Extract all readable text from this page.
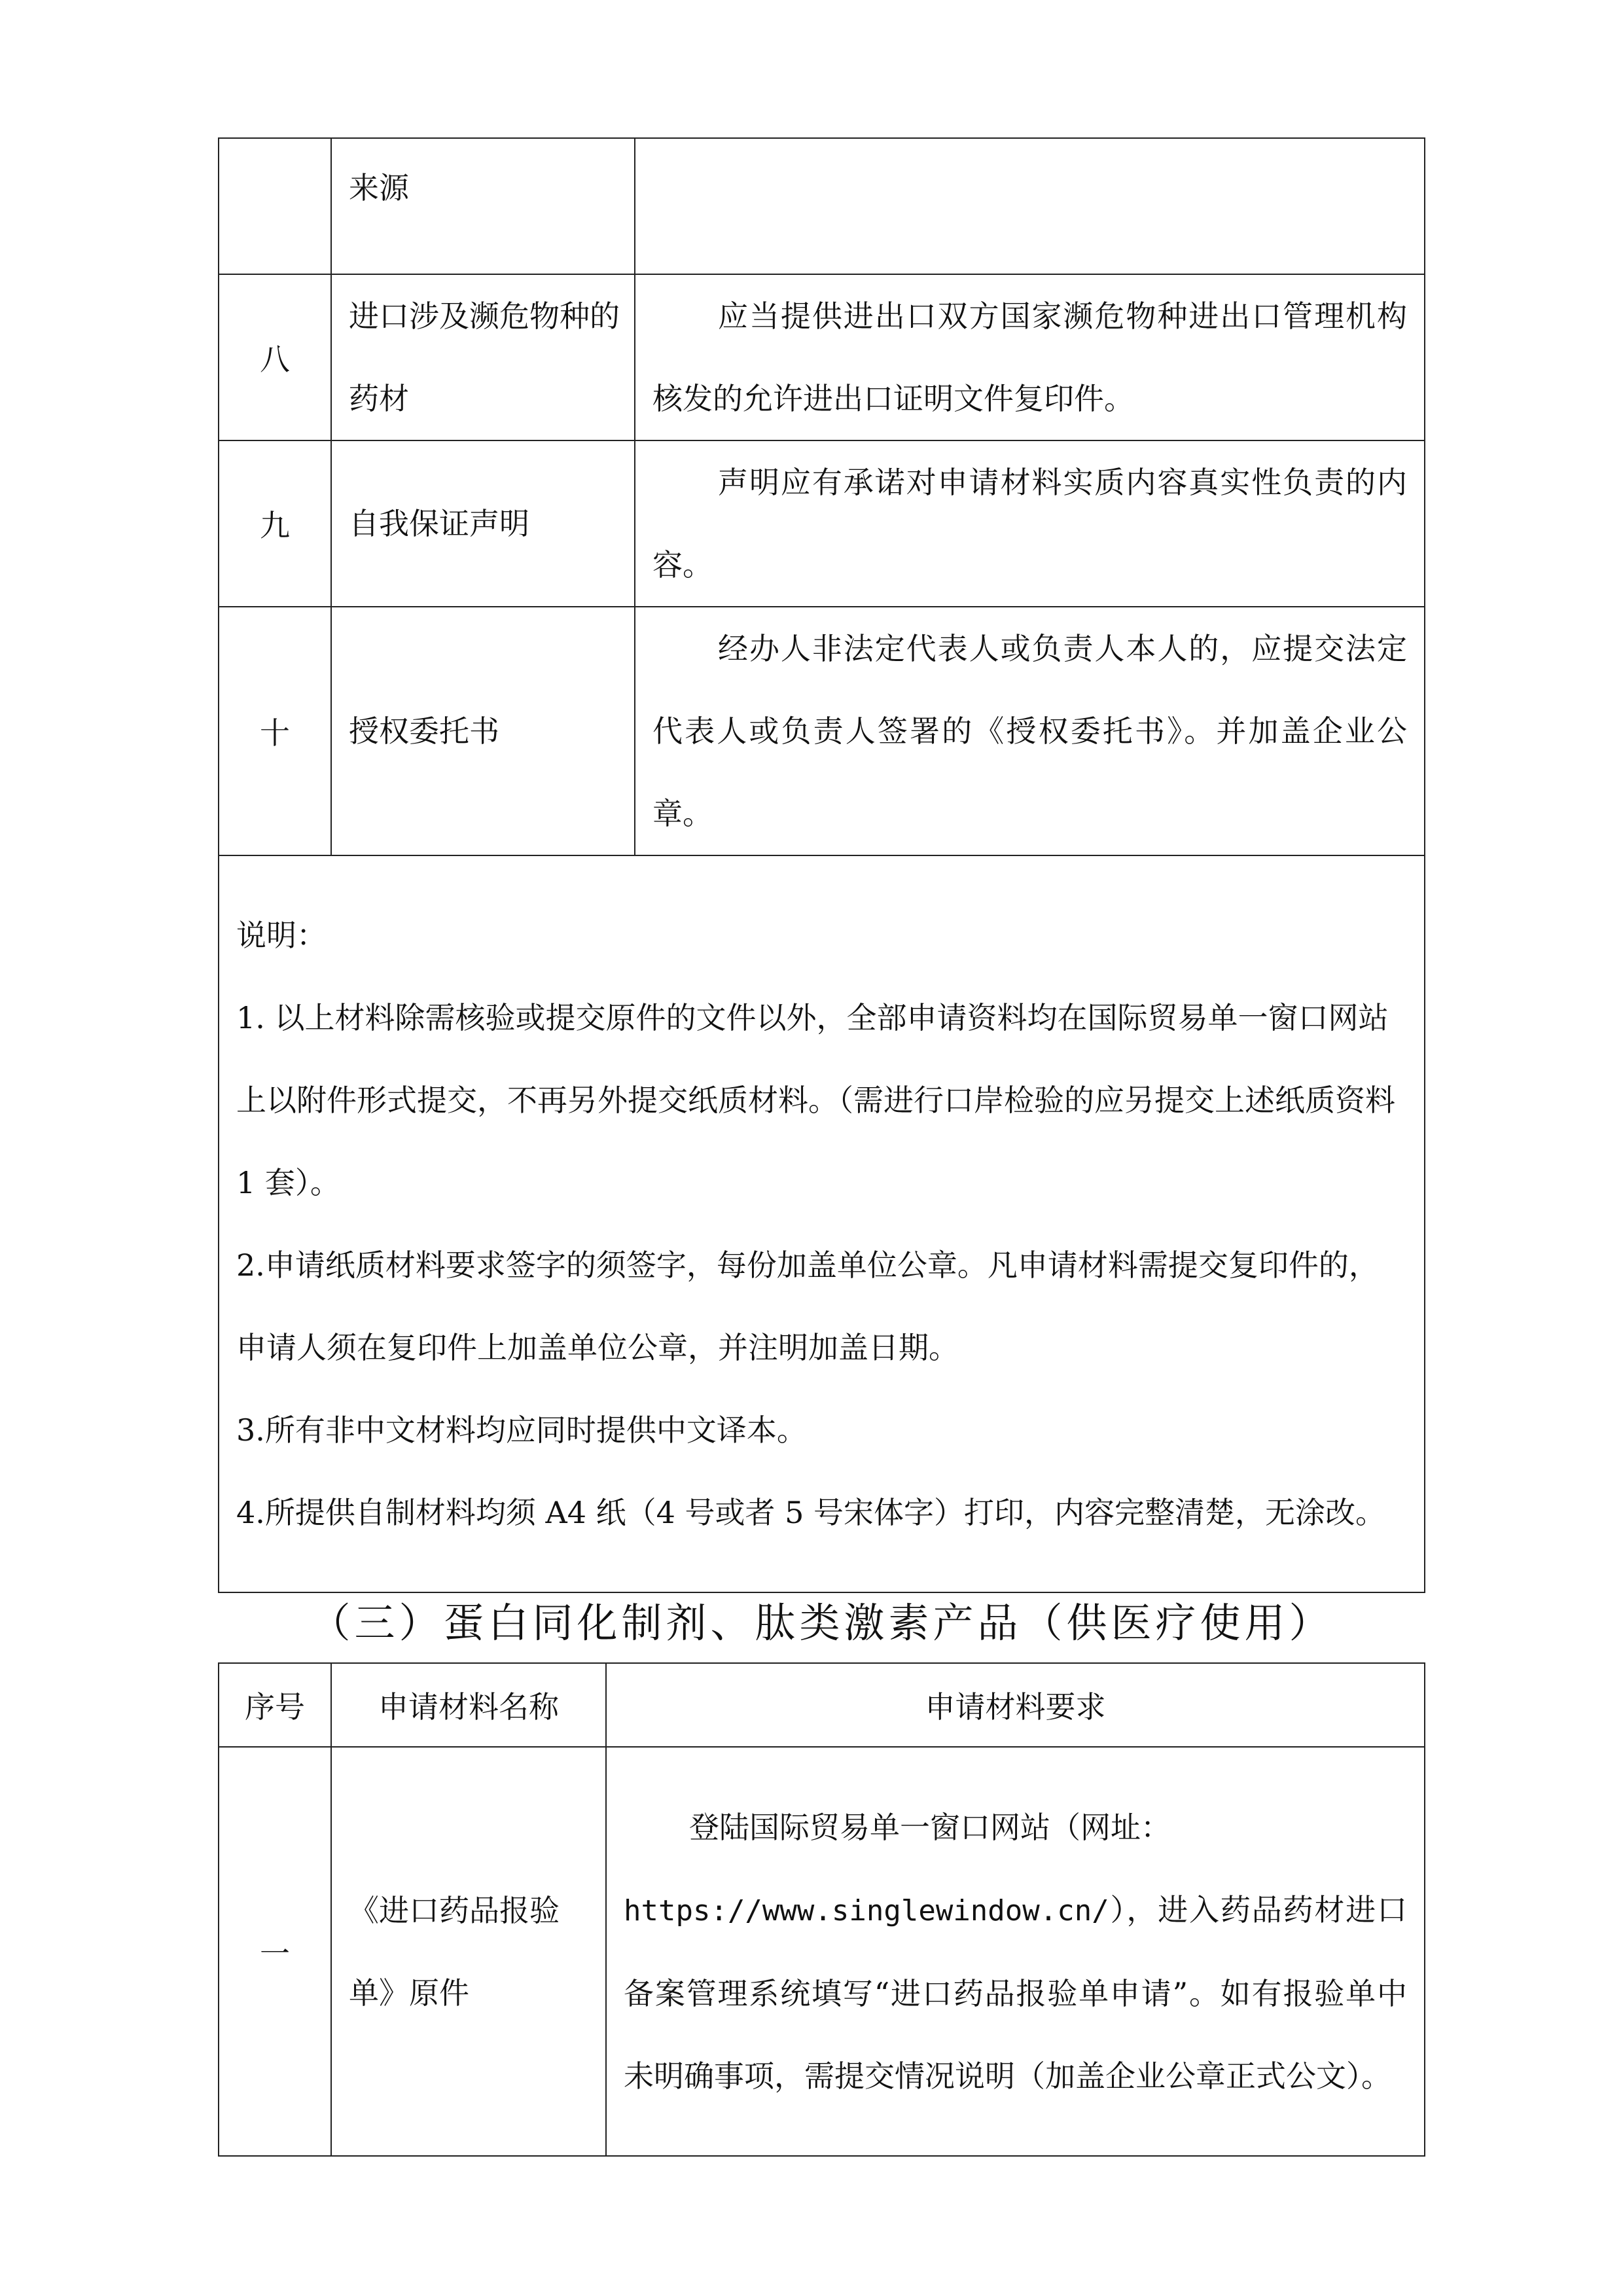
	来源	
八	进口涉及濒危物种的药材	应当提供进出口双方国家濒危物种进出口管理机构核发的允许进出口证明文件复印件。

九	自我保证声明	声明应有承诺对申请材料实质内容真实性负责的内容。

十	授权委托书	经办人非法定代表人或负责人本人的，应提交法定代表人或负责人签署的《授权委托书》。并加盖企业公章。

说明：

1. 以上材料除需核验或提交原件的文件以外，全部申请资料均在国际贸易单一窗口网站上以附件形式提交，不再另外提交纸质材料。（需进行口岸检验的应另提交上述纸质资料 1 套）。

2.申请纸质材料要求签字的须签字，每份加盖单位公章。凡申请材料需提交复印件的，申请人须在复印件上加盖单位公章，并注明加盖日期。

3.所有非中文材料均应同时提供中文译本。

4.所提供自制材料均须 A4 纸（4 号或者 5 号宋体字）打印，内容完整清楚，无涂改。		

（三）蛋白同化制剂、肽类激素产品（供医疗使用）
序号	申请材料名称	申请材料要求
一	《进口药品报验单》原件	登陆国际贸易单一窗口网站（网址：https://www.singlewindow.cn/），进入药品药材进口备案管理系统填写“进口药品报验单申请”。如有报验单中未明确事项，需提交情况说明（加盖企业公章正式公文）。
